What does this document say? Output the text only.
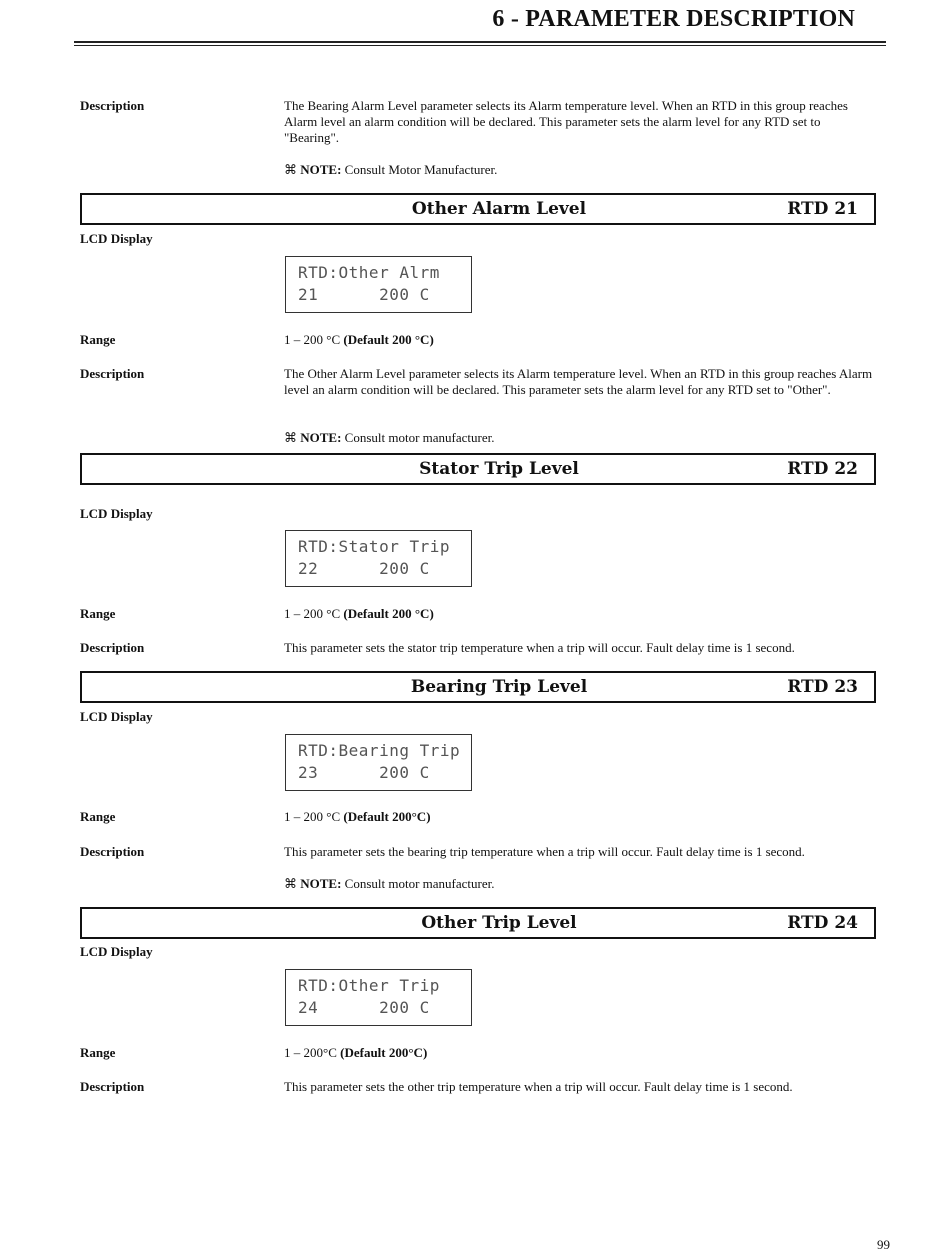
6 - PARAMETER DESCRIPTION
Description	The Bearing Alarm Level parameter selects its Alarm temperature level. When an RTD in this group reaches Alarm level an alarm condition will be declared. This parameter sets the alarm level for any RTD set to "Bearing".
⌘ NOTE: Consult Motor Manufacturer.
Other Alarm Level	RTD 21
LCD Display
RTD:Other Alrm
21      200 C
Range	1 – 200 °C (Default 200 °C)
Description	The Other Alarm Level parameter selects its Alarm temperature level. When an RTD in this group reaches Alarm level an alarm condition will be declared. This parameter sets the alarm level for any RTD set to "Other".
⌘ NOTE: Consult motor manufacturer.
Stator Trip Level	RTD 22
LCD Display
RTD:Stator Trip
22      200 C
Range	1 – 200 °C (Default 200 °C)
Description	This parameter sets the stator trip temperature when a trip will occur. Fault delay time is 1 second.
Bearing Trip Level	RTD 23
LCD Display
RTD:Bearing Trip
23      200 C
Range	1 – 200 °C (Default 200°C)
Description	This parameter sets the bearing trip temperature when a trip will occur. Fault delay time is 1 second.
⌘ NOTE: Consult motor manufacturer.
Other Trip Level	RTD 24
LCD Display
RTD:Other Trip
24      200 C
Range	1 – 200°C (Default 200°C)
Description	This parameter sets the other trip temperature when a trip will occur. Fault delay time is 1 second.
99
